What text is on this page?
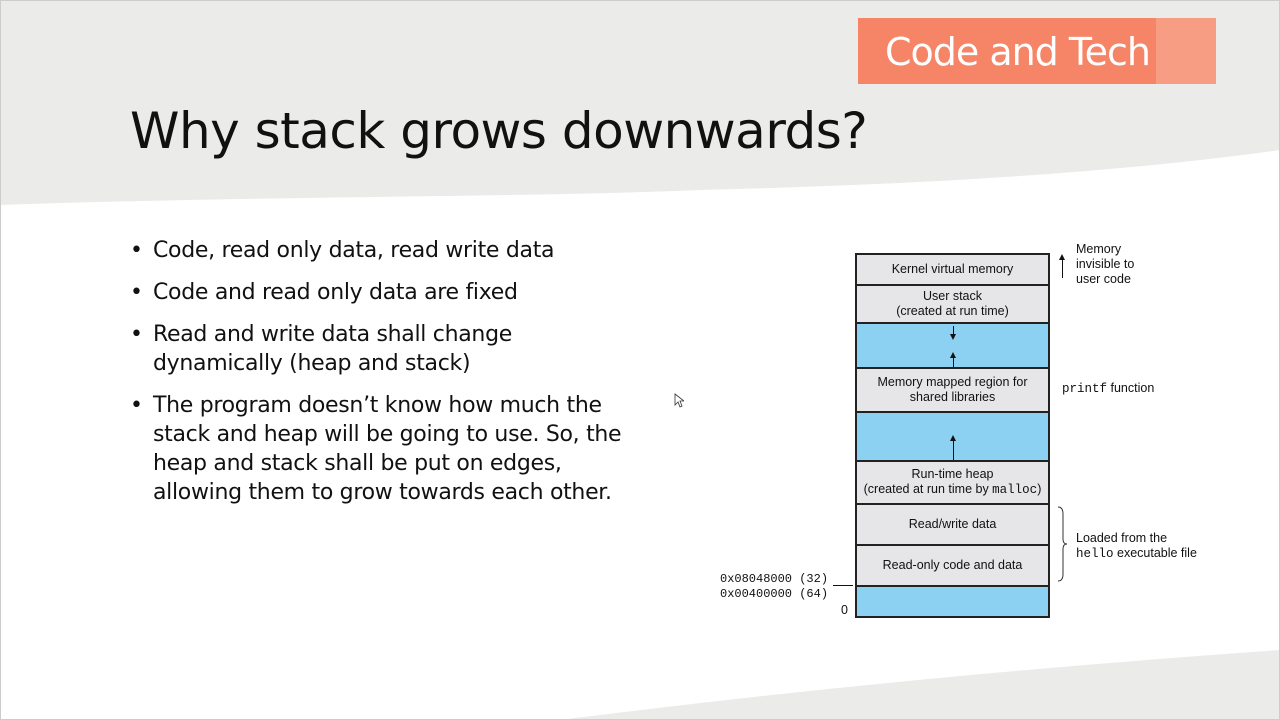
Code and Tech
Why stack grows downwards?
• Code, read only data, read write data
• Code and read only data are fixed
• Read and write data shall change dynamically (heap and stack)
• The program doesn’t know how much the stack and heap will be going to use. So, the heap and stack shall be put on edges, allowing them to grow towards each other.
Kernel virtual memory
User stack
(created at run time)
Memory mapped region for
shared libraries
Run-time heap
(created at run time by malloc)
Read/write data
Read-only code and data
Memory invisible to user code
printf function
Loaded from the
hello executable file
0x08048000 (32)
0x00400000 (64)
0
